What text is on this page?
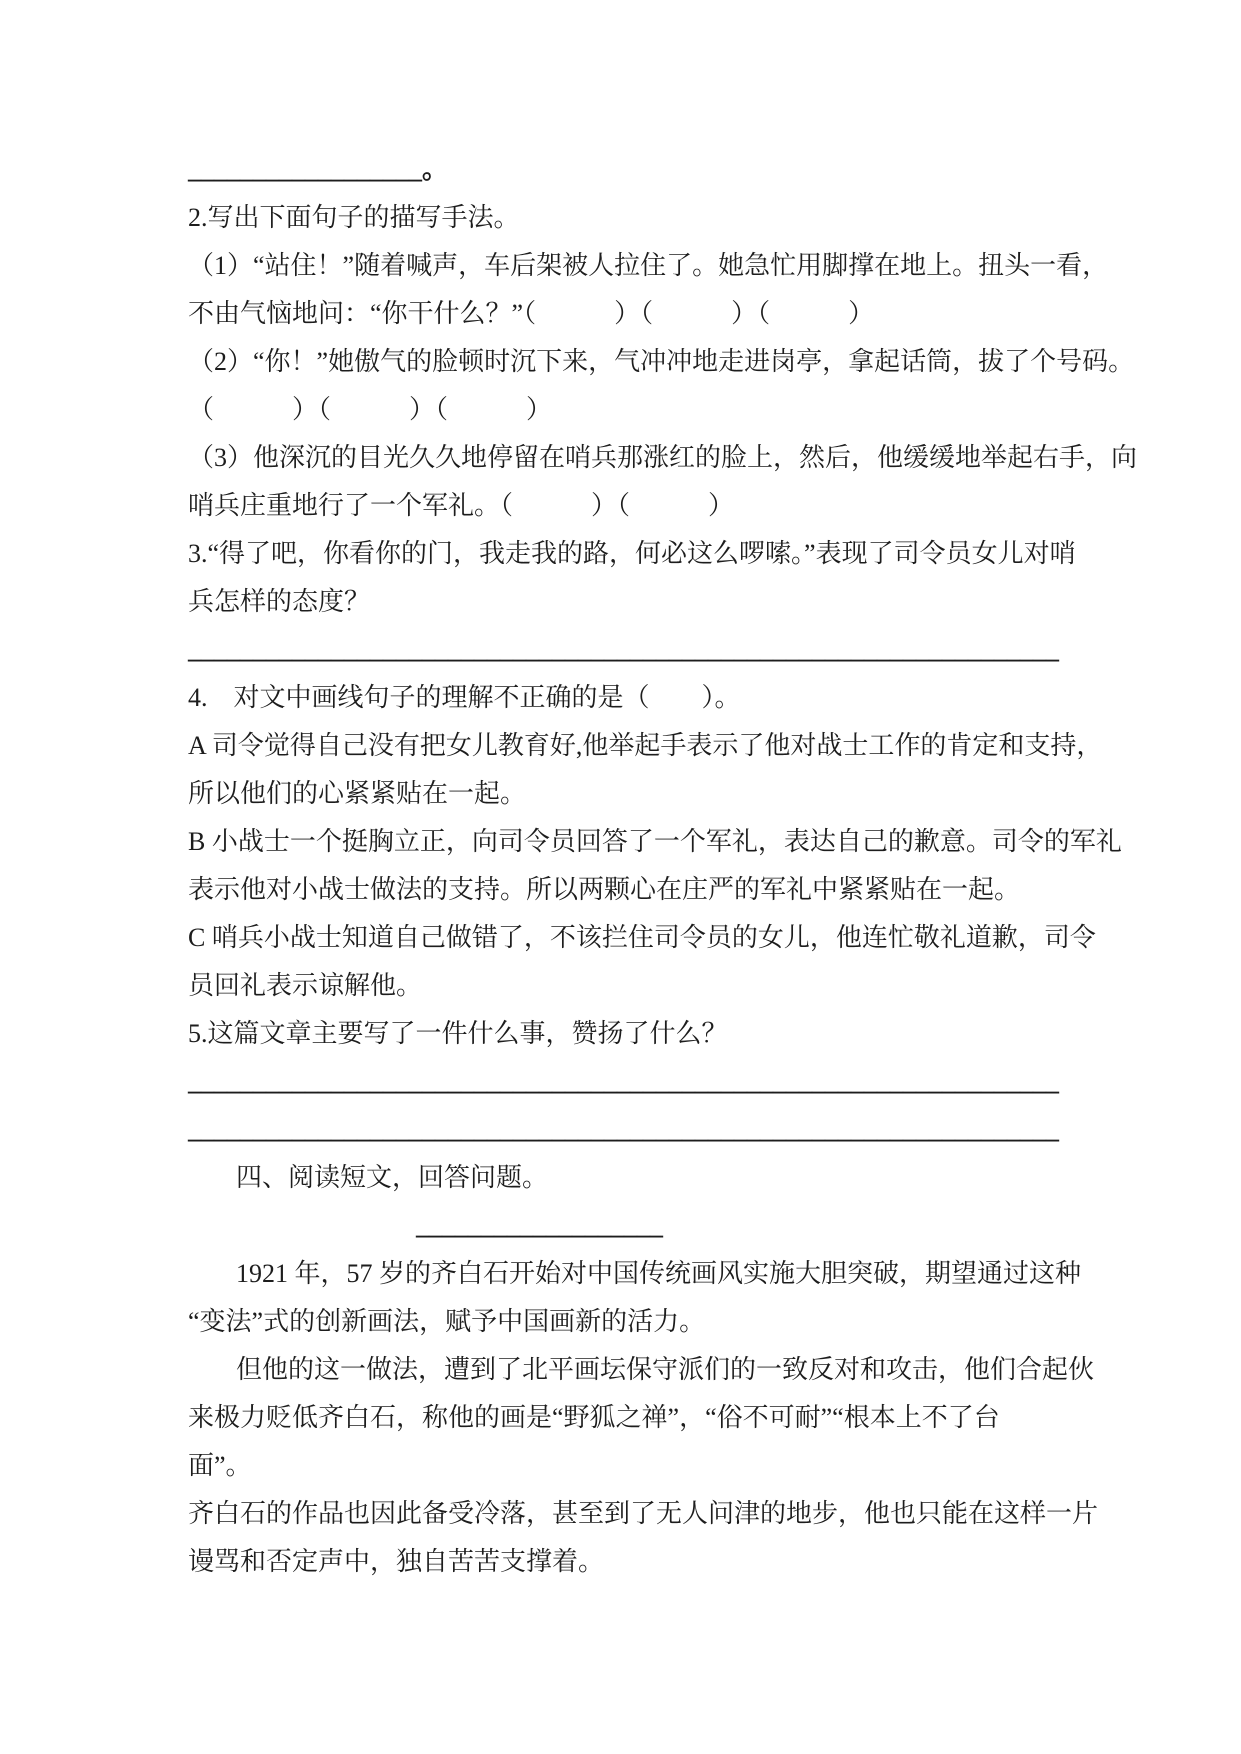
__________________。
2.写出下面句子的描写手法。
（1）“站住！”随着喊声，车后架被人拉住了。她急忙用脚撑在地上。扭头一看，
不由气恼地问：“你干什么？”（　　　）（　　　）（　　　）
（2）“你！”她傲气的脸顿时沉下来，气冲冲地走进岗亭，拿起话筒，拔了个号码。
（　　　）（　　　）（　　　）
（3）他深沉的目光久久地停留在哨兵那涨红的脸上，然后，他缓缓地举起右手，向
哨兵庄重地行了一个军礼。（　　　）（　　　）
3.“得了吧，你看你的门，我走我的路，何必这么啰嗦。”表现了司令员女儿对哨
兵怎样的态度？
___________________________________________________________________
4.　对文中画线句子的理解不正确的是（　　）。
A 司令觉得自己没有把女儿教育好,他举起手表示了他对战士工作的肯定和支持，
所以他们的心紧紧贴在一起。
B 小战士一个挺胸立正，向司令员回答了一个军礼，表达自己的歉意。司令的军礼
表示他对小战士做法的支持。所以两颗心在庄严的军礼中紧紧贴在一起。
C 哨兵小战士知道自己做错了，不该拦住司令员的女儿，他连忙敬礼道歉，司令
员回礼表示谅解他。
5.这篇文章主要写了一件什么事，赞扬了什么？
___________________________________________________________________
___________________________________________________________________
四、阅读短文，回答问题。
___________________
1921 年，57 岁的齐白石开始对中国传统画风实施大胆突破，期望通过这种
“变法”式的创新画法，赋予中国画新的活力。
但他的这一做法，遭到了北平画坛保守派们的一致反对和攻击，他们合起伙
来极力贬低齐白石，称他的画是“野狐之禅”，“俗不可耐”“根本上不了台
面”。
齐白石的作品也因此备受冷落，甚至到了无人问津的地步，他也只能在这样一片
谩骂和否定声中，独自苦苦支撑着。
